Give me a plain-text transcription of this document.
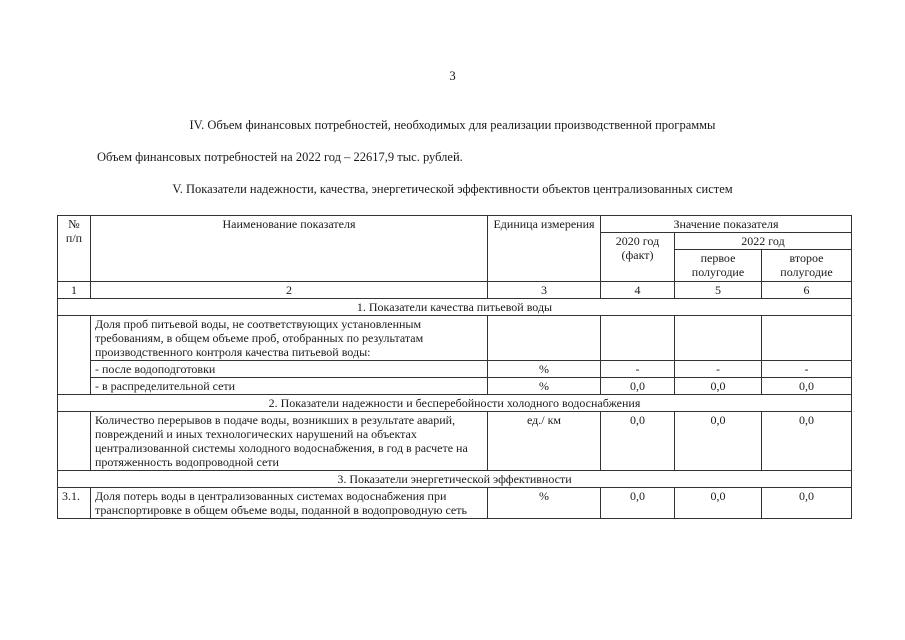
3
IV. Объем финансовых потребностей, необходимых для реализации производственной программы
Объем финансовых потребностей на 2022 год – 22617,9 тыс. рублей.
V. Показатели надежности, качества, энергетической эффективности объектов централизованных систем
№ п/п	Наименование показателя	Единица измерения	Значение показателя		
			2020 год (факт)	2022 год	
				первое полугодие	второе полугодие
1	2	3	4	5	6
1. Показатели качества питьевой воды					
	Доля проб питьевой воды, не соответствующих установленным требованиям, в общем объеме проб, отобранных по результатам производственного контроля качества питьевой воды:				
	- после водоподготовки	%	-	-	-
	- в распределительной сети	%	0,0	0,0	0,0
2. Показатели надежности и бесперебойности холодного водоснабжения					
	Количество перерывов в подаче воды, возникших в результате аварий, повреждений и иных технологических нарушений на объектах централизованной системы холодного водоснабжения, в год в расчете на протяженность водопроводной сети	ед./ км	0,0	0,0	0,0
3. Показатели энергетической эффективности					
3.1.	Доля потерь воды в централизованных системах водоснабжения при транспортировке в общем объеме воды, поданной в водопроводную сеть	%	0,0	0,0	0,0
